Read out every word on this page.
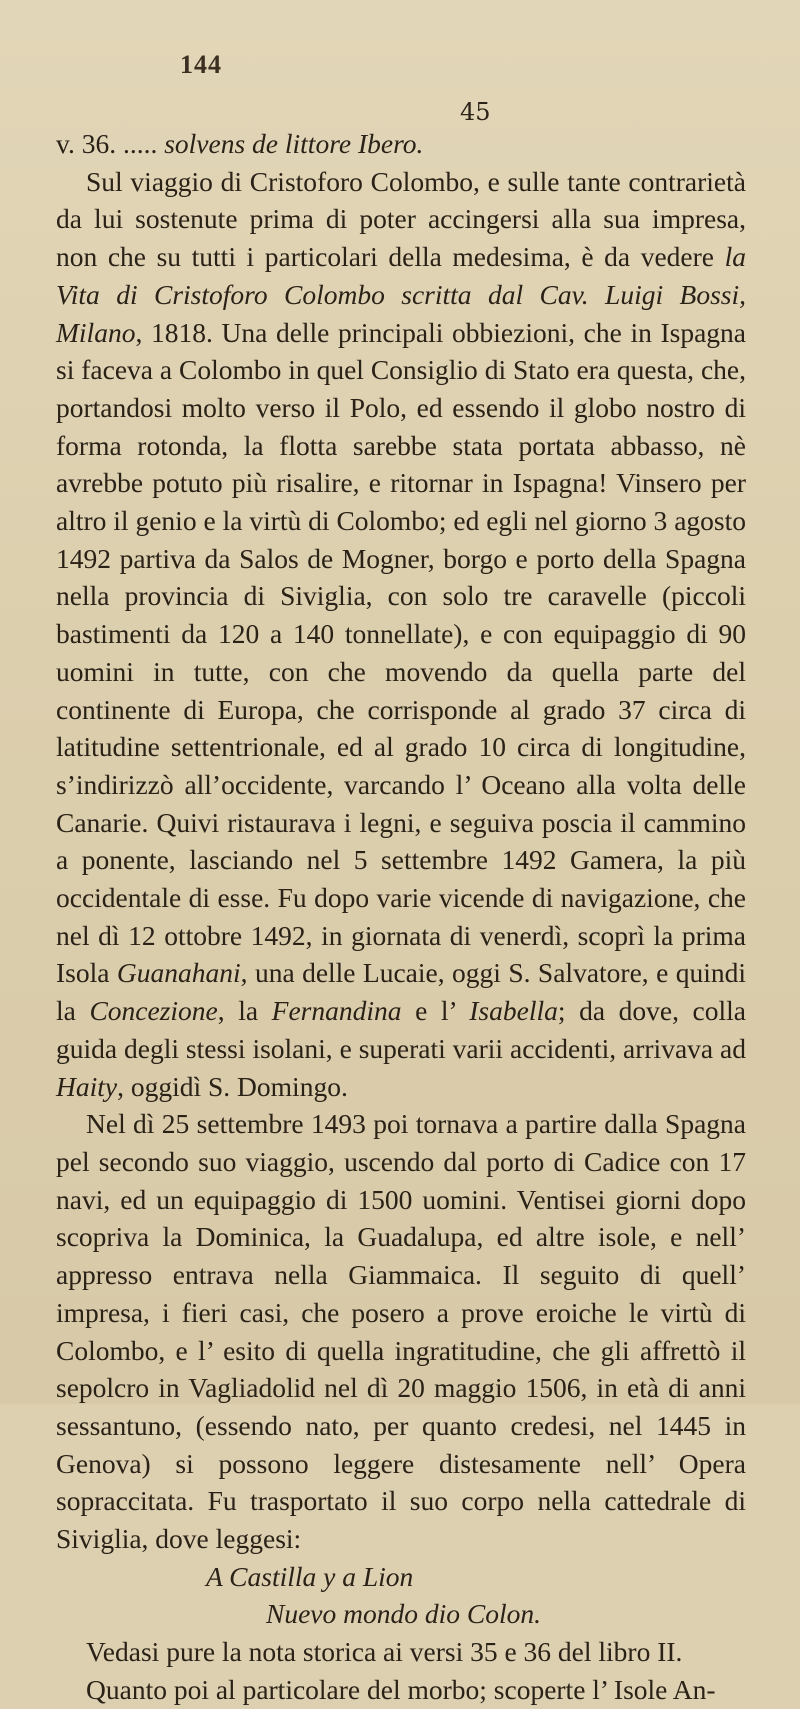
144
45

v. 36. ..... solvens de littore Ibero.

Sul viaggio di Cristoforo Colombo, e sulle tante contrarietà da lui sostenute prima di poter accingersi alla sua impresa, non che su tutti i particolari della medesima, è da vedere la Vita di Cristoforo Colombo scritta dal Cav. Luigi Bossi, Milano, 1818. Una delle principali obbiezioni, che in Ispagna si faceva a Colombo in quel Consiglio di Stato era questa, che, portandosi molto verso il Polo, ed essendo il globo nostro di forma rotonda, la flotta sarebbe stata portata abbasso, nè avrebbe potuto più risalire, e ritornar in Ispagna! Vinsero per altro il genio e la virtù di Colombo; ed egli nel giorno 3 agosto 1492 partiva da Salos de Mogner, borgo e porto della Spagna nella provincia di Siviglia, con solo tre caravelle (piccoli bastimenti da 120 a 140 tonnellate), e con equipaggio di 90 uomini in tutte, con che movendo da quella parte del continente di Europa, che corrisponde al grado 37 circa di latitudine settentrionale, ed al grado 10 circa di longitudine, s’indirizzò all’occidente, varcando l’ Oceano alla volta delle Canarie. Quivi ristaurava i legni, e seguiva poscia il cammino a ponente, lasciando nel 5 settembre 1492 Gamera, la più occidentale di esse. Fu dopo varie vicende di navigazione, che nel dì 12 ottobre 1492, in giornata di venerdì, scoprì la prima Isola Guanahani, una delle Lucaie, oggi S. Salvatore, e quindi la Concezione, la Fernandina e l’ Isabella; da dove, colla guida degli stessi isolani, e superati varii accidenti, arrivava ad Haity, oggidì S. Domingo.

Nel dì 25 settembre 1493 poi tornava a partire dalla Spagna pel secondo suo viaggio, uscendo dal porto di Cadice con 17 navi, ed un equipaggio di 1500 uomini. Ventisei giorni dopo scopriva la Dominica, la Guadalupa, ed altre isole, e nell’ appresso entrava nella Giammaica. Il seguito di quell’ impresa, i fieri casi, che posero a prove eroiche le virtù di Colombo, e l’ esito di quella ingratitudine, che gli affrettò il sepolcro in Vagliadolid nel dì 20 maggio 1506, in età di anni sessantuno, (essendo nato, per quanto credesi, nel 1445 in Genova) si possono leggere distesamente nell’ Opera sopraccitata. Fu trasportato il suo corpo nella cattedrale di Siviglia, dove leggesi:

A Castilla y a Lion

Nuevo mondo dio Colon.

Vedasi pure la nota storica ai versi 35 e 36 del libro II.

Quanto poi al particolare del morbo; scoperte l’ Isole An-
